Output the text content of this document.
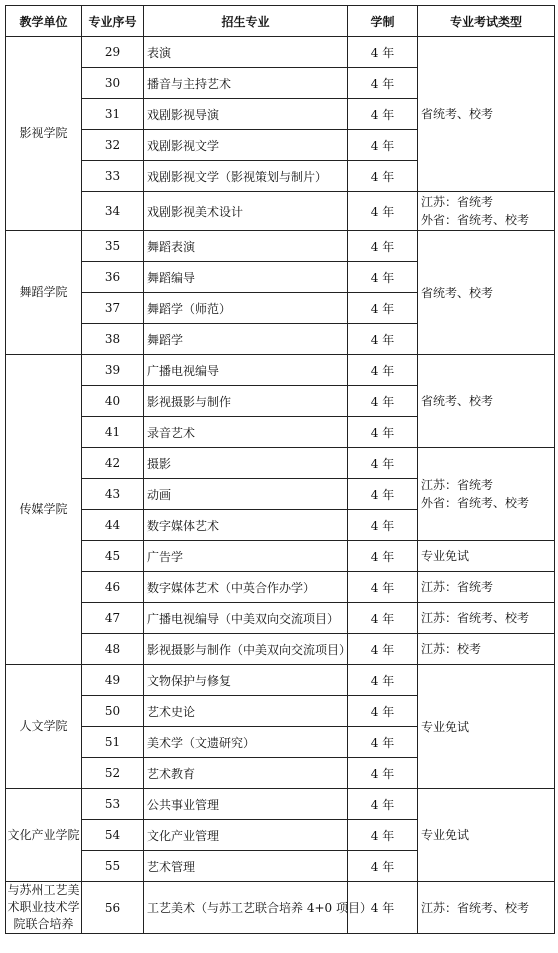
教学单位	专业序号	招生专业	学制	专业考试类型
影视学院	29	表演	4 年	省统考、校考
	30	播音与主持艺术	4 年	
	31	戏剧影视导演	4 年	
	32	戏剧影视文学	4 年	
	33	戏剧影视文学（影视策划与制片）	4 年	
	34	戏剧影视美术设计	4 年	江苏：省统考
外省：省统考、校考
舞蹈学院	35	舞蹈表演	4 年	省统考、校考
	36	舞蹈编导	4 年	
	37	舞蹈学（师范）	4 年	
	38	舞蹈学	4 年	
传媒学院	39	广播电视编导	4 年	省统考、校考
	40	影视摄影与制作	4 年	
	41	录音艺术	4 年	
	42	摄影	4 年	江苏：省统考
外省：省统考、校考
	43	动画	4 年	
	44	数字媒体艺术	4 年	
	45	广告学	4 年	专业免试
	46	数字媒体艺术（中英合作办学）	4 年	江苏：省统考
	47	广播电视编导（中美双向交流项目）	4 年	江苏：省统考、校考
	48	影视摄影与制作（中美双向交流项目）	4 年	江苏：校考
人文学院	49	文物保护与修复	4 年	专业免试
	50	艺术史论	4 年	
	51	美术学（文遗研究）	4 年	
	52	艺术教育	4 年	
文化产业学院	53	公共事业管理	4 年	专业免试
	54	文化产业管理	4 年	
	55	艺术管理	4 年	
与苏州工艺美术职业技术学院联合培养	56	工艺美术（与苏工艺联合培养 4+0 项目）	4 年	江苏：省统考、校考
